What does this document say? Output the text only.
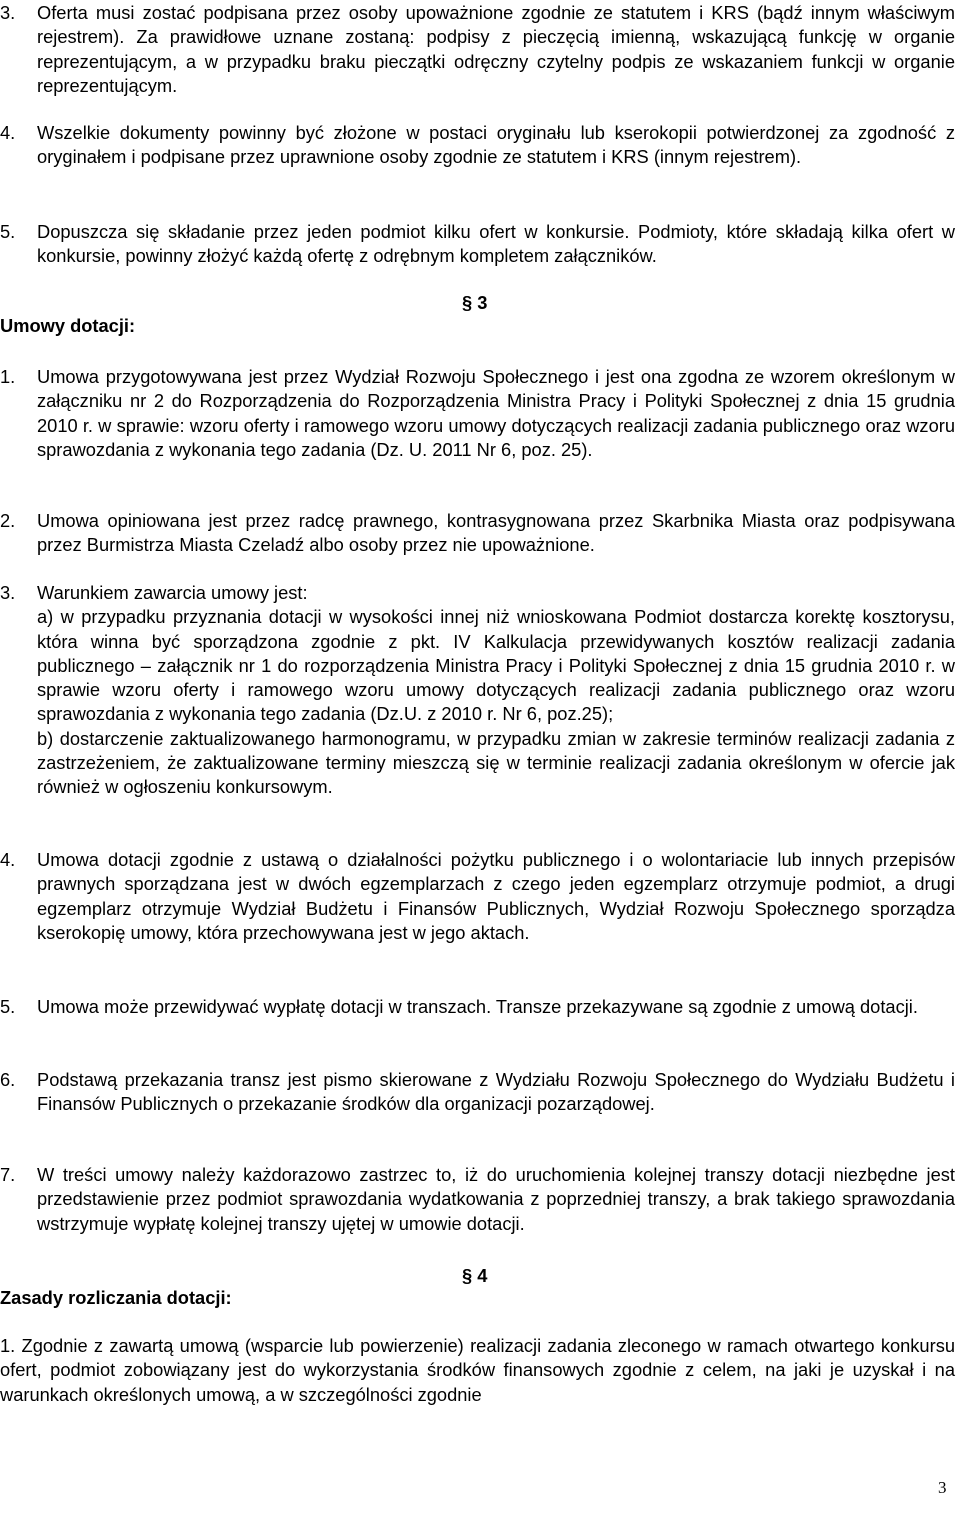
3. Oferta musi zostać podpisana przez osoby upoważnione zgodnie ze statutem i KRS (bądź innym właściwym rejestrem). Za prawidłowe uznane zostaną: podpisy z pieczęcią imienną, wskazującą funkcję w organie reprezentującym, a w przypadku braku pieczątki odręczny czytelny podpis ze wskazaniem funkcji w organie reprezentującym.
4. Wszelkie dokumenty powinny być złożone w postaci oryginału lub kserokopii potwierdzonej za zgodność z oryginałem i podpisane przez uprawnione osoby zgodnie ze statutem i KRS (innym rejestrem).
5. Dopuszcza się składanie przez jeden podmiot kilku ofert w konkursie. Podmioty, które składają kilka ofert w konkursie, powinny złożyć każdą ofertę z odrębnym kompletem załączników.
§ 3
Umowy dotacji:
1. Umowa przygotowywana jest przez Wydział Rozwoju Społecznego i jest ona zgodna ze wzorem określonym w załączniku nr 2 do Rozporządzenia do Rozporządzenia Ministra Pracy i Polityki Społecznej z dnia 15 grudnia 2010 r. w sprawie: wzoru oferty i ramowego wzoru umowy dotyczących realizacji zadania publicznego oraz wzoru sprawozdania z wykonania tego zadania (Dz. U. 2011 Nr 6, poz. 25).
2. Umowa opiniowana jest przez radcę prawnego, kontrasygnowana przez Skarbnika Miasta oraz podpisywana przez Burmistrza Miasta Czeladź albo osoby przez nie upoważnione.
3. Warunkiem zawarcia umowy jest:
a) w przypadku przyznania dotacji w wysokości innej niż wnioskowana Podmiot dostarcza korektę kosztorysu, która winna być sporządzona zgodnie z pkt. IV Kalkulacja przewidywanych kosztów realizacji zadania publicznego – załącznik nr 1 do rozporządzenia Ministra Pracy i Polityki Społecznej z dnia 15 grudnia 2010 r. w sprawie wzoru oferty i ramowego wzoru umowy dotyczących realizacji zadania publicznego oraz wzoru sprawozdania z wykonania tego zadania (Dz.U. z 2010 r. Nr 6, poz.25);
b) dostarczenie zaktualizowanego harmonogramu, w przypadku zmian w zakresie terminów realizacji zadania z zastrzeżeniem, że zaktualizowane terminy mieszczą się w terminie realizacji zadania określonym w ofercie jak również w ogłoszeniu konkursowym.
4. Umowa dotacji zgodnie z ustawą o działalności pożytku publicznego i o wolontariacie lub innych przepisów prawnych sporządzana jest w dwóch egzemplarzach z czego jeden egzemplarz otrzymuje podmiot, a drugi egzemplarz otrzymuje Wydział Budżetu i Finansów Publicznych, Wydział Rozwoju Społecznego sporządza kserokopię umowy, która przechowywana jest w jego aktach.
5. Umowa może przewidywać wypłatę dotacji w transzach. Transze przekazywane są zgodnie z umową dotacji.
6. Podstawą przekazania transz jest pismo skierowane z Wydziału Rozwoju Społecznego do Wydziału Budżetu i Finansów Publicznych o przekazanie środków dla organizacji pozarządowej.
7. W treści umowy należy każdorazowo zastrzec to, iż do uruchomienia kolejnej transzy dotacji niezbędne jest przedstawienie przez podmiot sprawozdania wydatkowania z poprzedniej transzy, a brak takiego sprawozdania wstrzymuje wypłatę kolejnej transzy ujętej w umowie dotacji.
§ 4
Zasady rozliczania dotacji:
1. Zgodnie z zawartą umową (wsparcie lub powierzenie) realizacji zadania zleconego w ramach otwartego konkursu ofert, podmiot zobowiązany jest do wykorzystania środków finansowych zgodnie z celem, na jaki je uzyskał i na warunkach określonych umową, a w szczególności zgodnie
3
